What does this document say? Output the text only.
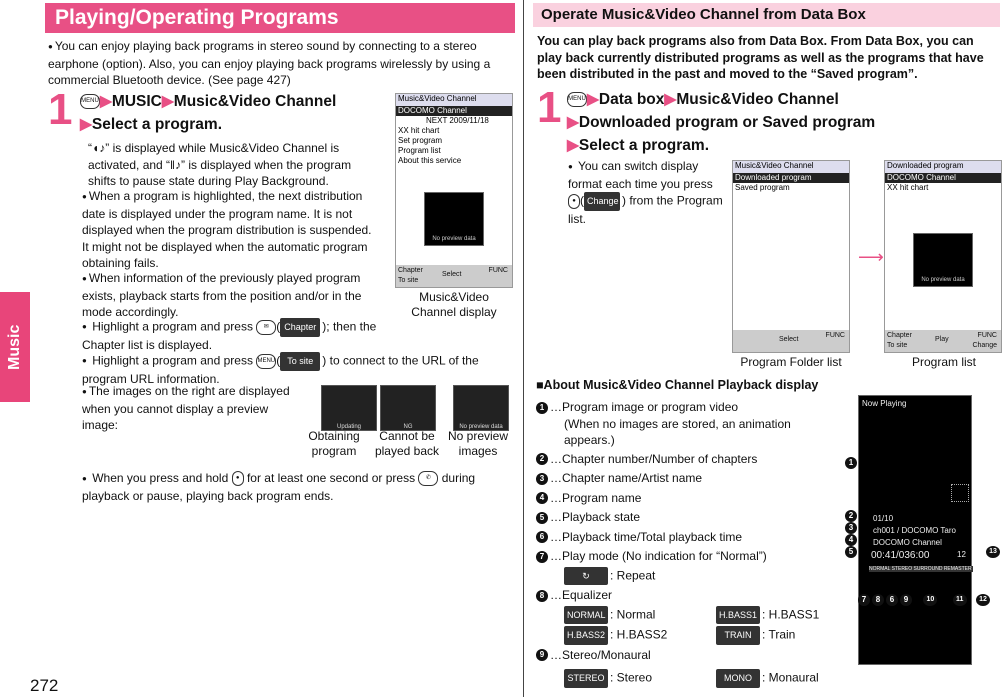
Music
272
Playing/Operating Programs
● You can enjoy playing back programs in stereo sound by connecting to a stereo earphone (option). Also, you can enjoy playing back programs wirelessly by using a commercial Bluetooth device. (See page 427)
1 MENU▶MUSIC▶Music&Video Channel
▶Select a program.
“◖♪” is displayed while Music&Video Channel is activated, and “‖♪” is displayed when the program shifts to pause state during Play Background.
● When a program is highlighted, the next distribution date is displayed under the program name. It is not displayed when the program distribution is suspended. It might not be displayed when the automatic program obtaining fails.
● When information of the previously played program exists, playback starts from the position and/or in the mode accordingly.
● Highlight a program and press ✉ ( Chapter ); then the Chapter list is displayed.
● Highlight a program and press MENU( To site ) to connect to the URL of the program URL information.
● The images on the right are displayed when you cannot display a preview image:	Updating	NG	No preview data
Obtaining program
Cannot be played back
No preview images
● When you press and hold ● for at least one second or press ✆ during playback or pause, playing back program ends.
Music&Video Channel
DOCOMO Channel
NEXT 2009/11/18
XX hit chart
Set program
Program list
About this service
No preview data
Chapter
To site
Select
FUNC
Music&Video Channel display
Operate Music&Video Channel from Data Box
You can play back programs also from Data Box. From Data Box, you can play back currently distributed programs as well as the programs that have been distributed in the past and moved to the “Saved program”.
1 MENU▶Data box▶Music&Video Channel
▶Downloaded program or Saved program
▶Select a program.
● You can switch display format each time you press ● ( Change ) from the Program list.
Music&Video Channel
Downloaded program
Saved program
Select
FUNC
⟶
Downloaded program
DOCOMO Channel
XX hit chart
No preview data
Chapter
To site
Play
FUNC
Change
Program Folder list	Program list
■About Music&Video Channel Playback display
1 …Program image or program video
(When no images are stored, an animation appears.)
2 …Chapter number/Number of chapters
3 …Chapter name/Artist name
4 …Program name
5 …Playback state
6 …Playback time/Total playback time
7 …Play mode (No indication for “Normal”)
↻ : Repeat
8 …Equalizer
NORMAL : Normal	H.BASS1 : H.BASS1
H.BASS2 : H.BASS2	TRAIN : Train
9 …Stereo/Monaural
STEREO : Stereo	MONO : Monaural
Now Playing
01/10
ch001 / DOCOMO Taro
DOCOMO Channel
00:41/036:00	12
NORMAL STEREO SURROUND REMASTER
1
2
3
4
5	13
7 8 6 9	10	11 12
